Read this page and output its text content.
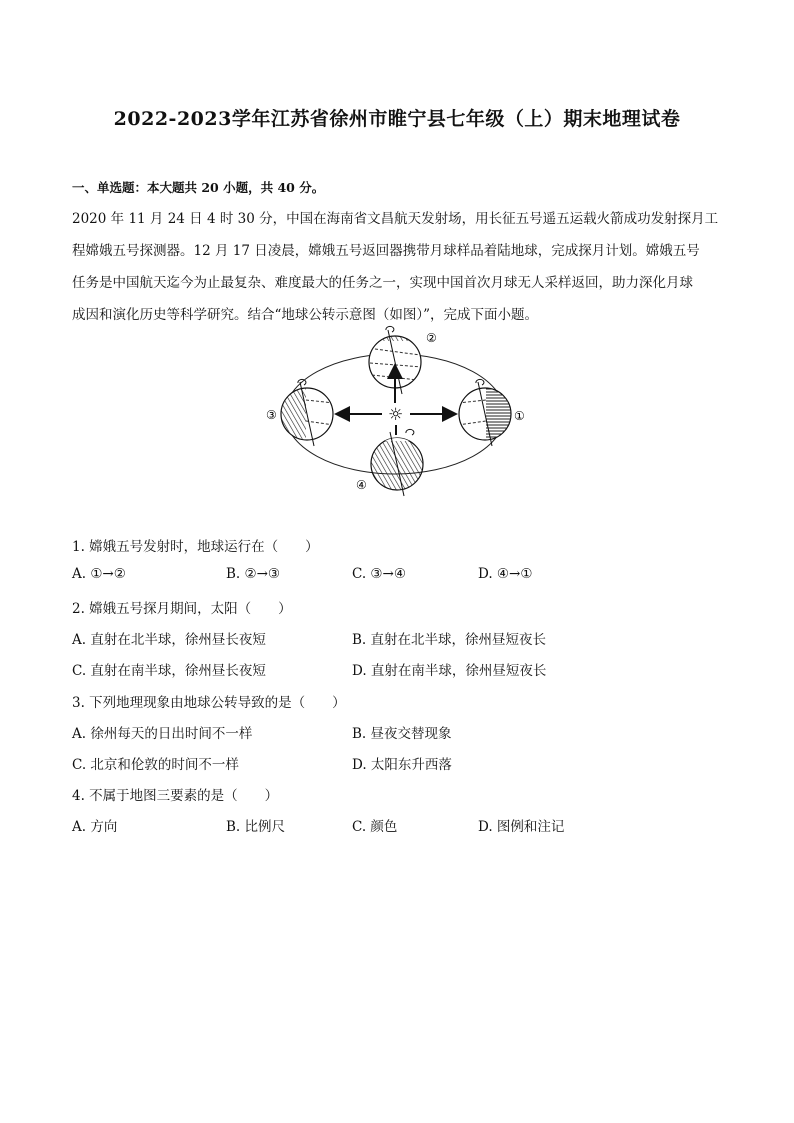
2022-2023学年江苏省徐州市睢宁县七年级（上）期末地理试卷
一、单选题：本大题共 20 小题，共 40 分。

2020 年 11 月 24 日 4 时 30 分，中国在海南省文昌航天发射场，用长征五号遥五运载火箭成功发射探月工
程嫦娥五号探测器。12 月 17 日凌晨，嫦娥五号返回器携带月球样品着陆地球，完成探月计划。嫦娥五号
任务是中国航天迄今为止最复杂、难度最大的任务之一，实现中国首次月球无人采样返回，助力深化月球
成因和演化历史等科学研究。结合“地球公转示意图（如图）”，完成下面小题。

②
③	①
④
☼
1. 嫦娥五号发射时，地球运行在（　　）
A. ①→②	B. ②→③	C. ③→④	D. ④→①
2. 嫦娥五号探月期间，太阳（　　）
A. 直射在北半球，徐州昼长夜短	B. 直射在北半球，徐州昼短夜长
C. 直射在南半球，徐州昼长夜短	D. 直射在南半球，徐州昼短夜长
3. 下列地理现象由地球公转导致的是（　　）
A. 徐州每天的日出时间不一样	B. 昼夜交替现象
C. 北京和伦敦的时间不一样	D. 太阳东升西落
4. 不属于地图三要素的是（　　）
A. 方向	B. 比例尺	C. 颜色	D. 图例和注记
